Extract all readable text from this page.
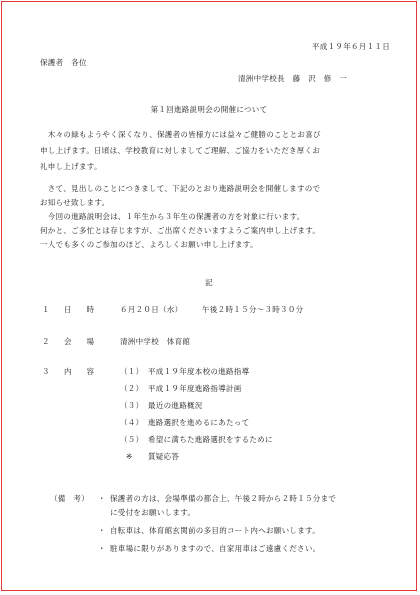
平成１９年６月１１日
保護者　各位
清洲中学校長　藤　沢　修　一
第１回進路説明会の開催について
　木々の緑もようやく深くなり、保護者の皆様方には益々ご健勝のこととお喜び
申し上げます。日頃は、学校教育に対しましてご理解、ご協力をいただき厚くお
礼申し上げます。
　さて、見出しのことにつきまして、下記のとおり進路説明会を開催しますので
お知らせ致します。
　今回の進路説明会は、１年生から３年生の保護者の方を対象に行います。
何かと、ご多忙とは存じますが、ご出席くださいますようご案内申し上げます。
一人でも多くのご参加のほど、よろしくお願い申し上げます。
記
１ 日　　時	６月２０日（水）　　　午後２時１５分～３時３０分
２ 会　　場	清洲中学校　体育館
３ 内　　容	（１） 平成１９年度本校の進路指導
（２） 平成１９年度進路指導計画
（３） 最近の進路概況
（４） 進路選択を進めるにあたって
（５） 希望に満ちた進路選択をするために
※ 質疑応答
（備　考） ・ 保護者の方は、会場準備の都合上、午後２時から２時１５分まで
に受付をお願いします。
・ 自転車は、体育館玄関前の多目的コート内へお願いします。
・ 駐車場に限りがありますので、自家用車はご遠慮ください。
